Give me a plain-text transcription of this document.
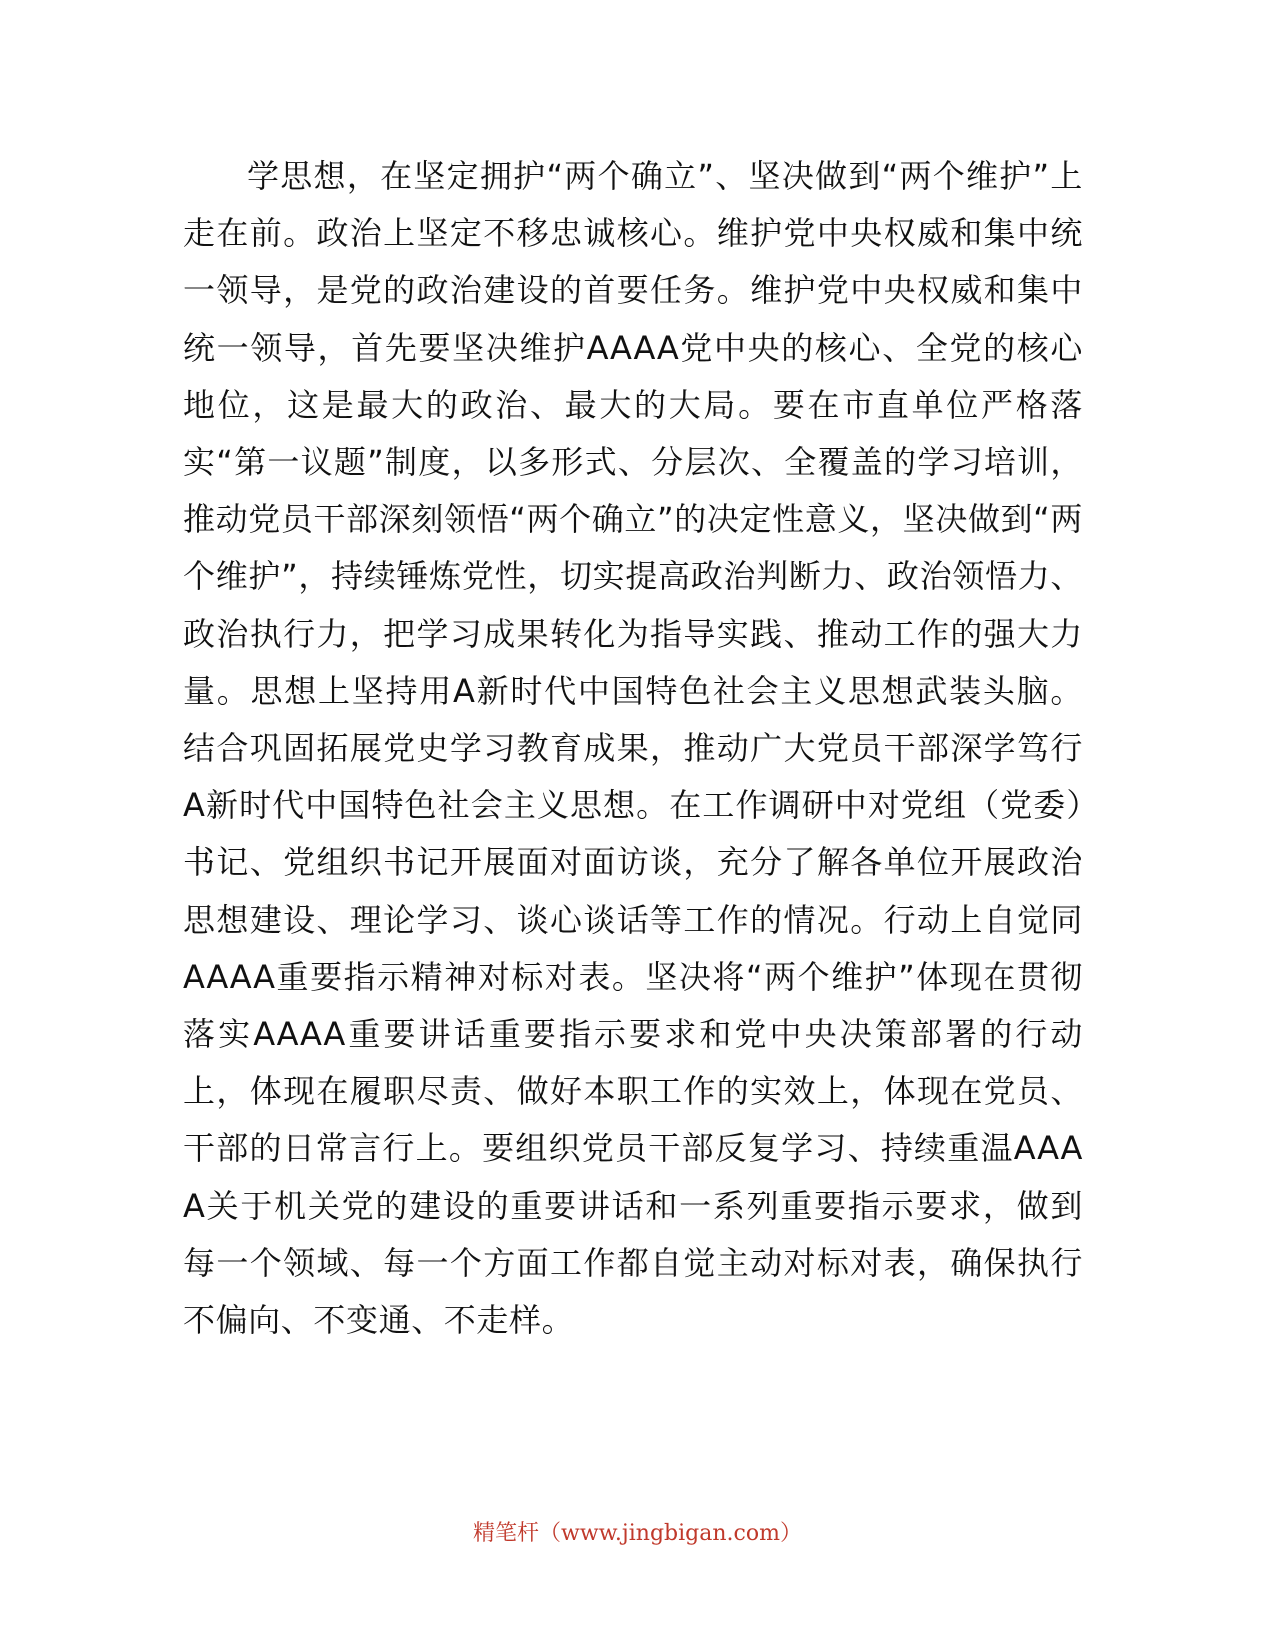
学思想，在坚定拥护“两个确立”、坚决做到“两个维护”上走在前。政治上坚定不移忠诚核心。维护党中央权威和集中统一领导，是党的政治建设的首要任务。维护党中央权威和集中统一领导，首先要坚决维护AAAA党中央的核心、全党的核心地位，这是最大的政治、最大的大局。要在市直单位严格落实“第一议题”制度，以多形式、分层次、全覆盖的学习培训，推动党员干部深刻领悟“两个确立”的决定性意义，坚决做到“两个维护”，持续锤炼党性，切实提高政治判断力、政治领悟力、政治执行力，把学习成果转化为指导实践、推动工作的强大力量。思想上坚持用A新时代中国特色社会主义思想武装头脑。结合巩固拓展党史学习教育成果，推动广大党员干部深学笃行A新时代中国特色社会主义思想。在工作调研中对党组（党委）书记、党组织书记开展面对面访谈，充分了解各单位开展政治思想建设、理论学习、谈心谈话等工作的情况。行动上自觉同AAAA重要指示精神对标对表。坚决将“两个维护”体现在贯彻落实AAAA重要讲话重要指示要求和党中央决策部署的行动上，体现在履职尽责、做好本职工作的实效上，体现在党员、干部的日常言行上。要组织党员干部反复学习、持续重温AAAA关于机关党的建设的重要讲话和一系列重要指示要求，做到每一个领域、每一个方面工作都自觉主动对标对表，确保执行不偏向、不变通、不走样。

精笔杆（www.jingbigan.com）
